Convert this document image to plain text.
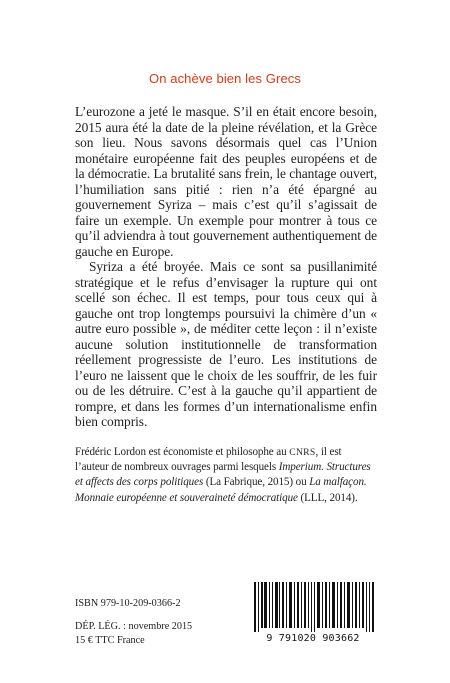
On achève bien les Grecs

L’eurozone a jeté le masque. S’il en était encore besoin, 2015 aura été la date de la pleine révélation, et la Grèce son lieu. Nous savons désormais quel cas l’Union monétaire européenne fait des peuples européens et de la démocratie. La brutalité sans frein, le chantage ouvert, l’humiliation sans pitié : rien n’a été épargné au gouvernement Syriza – mais c’est qu’il s’agissait de faire un exemple. Un exemple pour montrer à tous ce qu’il adviendra à tout gouvernement authentiquement de gauche en Europe.

Syriza a été broyée. Mais ce sont sa pusillanimité stratégique et le refus d’envisager la rupture qui ont scellé son échec. Il est temps, pour tous ceux qui à gauche ont trop longtemps poursuivi la chimère d’un « autre euro possible », de méditer cette leçon : il n’existe aucune solution institutionnelle de transformation réellement progressiste de l’euro. Les institutions de l’euro ne laissent que le choix de les souffrir, de les fuir ou de les détruire. C’est à la gauche qu’il appartient de rompre, et dans les formes d’un internationalisme enfin bien compris.

Frédéric Lordon est économiste et philosophe au CNRS, il est l’auteur de nombreux ouvrages parmi lesquels Imperium. Structures et affects des corps politiques (La Fabrique, 2015) ou La malfaçon. Monnaie européenne et souveraineté démocratique (LLL, 2014).

ISBN 979-10-209-0366-2
DÉP. LÉG. : novembre 2015
15 € TTC France	9 791020 903662
